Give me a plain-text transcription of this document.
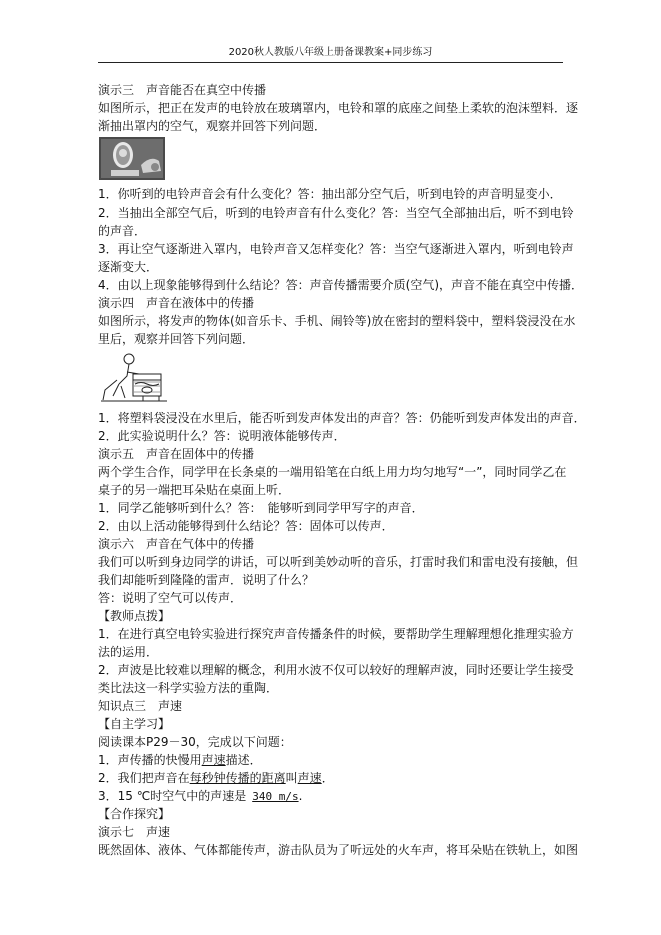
2020秋人教版八年级上册备课教案+同步练习
演示三　声音能否在真空中传播
如图所示，把正在发声的电铃放在玻璃罩内，电铃和罩的底座之间垫上柔软的泡沫塑料．逐
渐抽出罩内的空气，观察并回答下列问题．
1．你听到的电铃声音会有什么变化？答：抽出部分空气后，听到电铃的声音明显变小．
2．当抽出全部空气后，听到的电铃声音有什么变化？答：当空气全部抽出后，听不到电铃
的声音．
3．再让空气逐渐进入罩内，电铃声音又怎样变化？答：当空气逐渐进入罩内，听到电铃声
逐渐变大．
4．由以上现象能够得到什么结论？答：声音传播需要介质(空气)，声音不能在真空中传播．
演示四　声音在液体中的传播
如图所示，将发声的物体(如音乐卡、手机、闹铃等)放在密封的塑料袋中，塑料袋浸没在水
里后，观察并回答下列问题．
1．将塑料袋浸没在水里后，能否听到发声体发出的声音？答：仍能听到发声体发出的声音．
2．此实验说明什么？答：说明液体能够传声．
演示五　声音在固体中的传播
两个学生合作，同学甲在长条桌的一端用铅笔在白纸上用力均匀地写“一”，同时同学乙在
桌子的另一端把耳朵贴在桌面上听．
1．同学乙能够听到什么？答：　能够听到同学甲写字的声音．
2．由以上活动能够得到什么结论？答：固体可以传声．
演示六　声音在气体中的传播
我们可以听到身边同学的讲话，可以听到美妙动听的音乐，打雷时我们和雷电没有接触，但
我们却能听到隆隆的雷声．说明了什么？
答：说明了空气可以传声．
【教师点拨】
1．在进行真空电铃实验进行探究声音传播条件的时候，要帮助学生理解理想化推理实验方
法的运用．
2．声波是比较难以理解的概念，利用水波不仅可以较好的理解声波，同时还要让学生接受
类比法这一科学实验方法的重陶．
知识点三　声速
【自主学习】
阅读课本P29－30，完成以下问题：
1．声传播的快慢用声速描述．
2．我们把声音在每秒钟传播的距离叫声速．
3．15 ℃时空气中的声速是 340 m/s.
【合作探究】
演示七　声速
既然固体、液体、气体都能传声，游击队员为了听远处的火车声，将耳朵贴在铁轨上，如图
